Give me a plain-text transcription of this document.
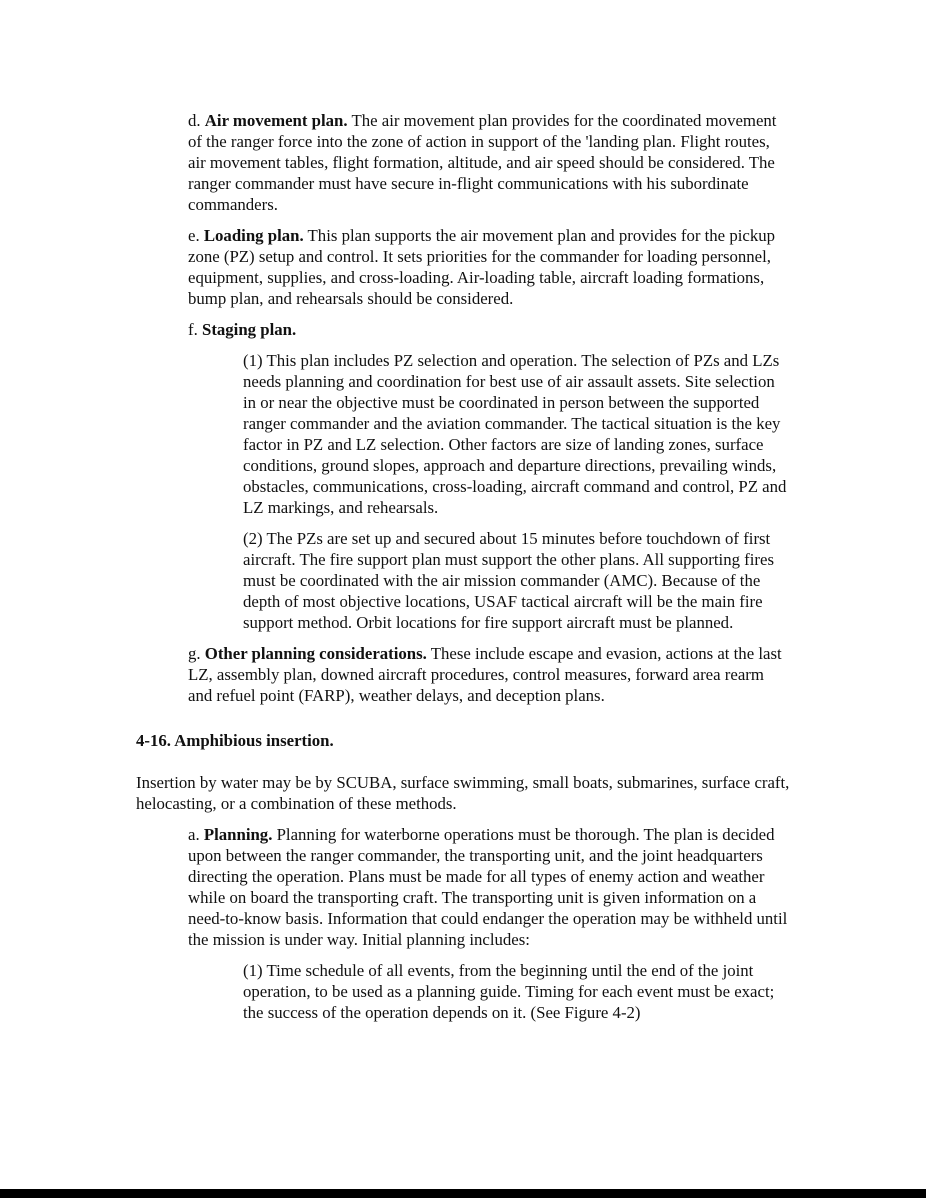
d. Air movement plan. The air movement plan provides for the coordinated movement of the ranger force into the zone of action in support of the 'landing plan. Flight routes, air movement tables, flight formation, altitude, and air speed should be considered. The ranger commander must have secure in-flight communications with his subordinate commanders.

e. Loading plan. This plan supports the air movement plan and provides for the pickup zone (PZ) setup and control. It sets priorities for the commander for loading personnel, equipment, supplies, and cross-loading. Air-loading table, aircraft loading formations, bump plan, and rehearsals should be considered.

f. Staging plan.

(1) This plan includes PZ selection and operation. The selection of PZs and LZs needs planning and coordination for best use of air assault assets. Site selection in or near the objective must be coordinated in person between the supported ranger commander and the aviation commander. The tactical situation is the key factor in PZ and LZ selection. Other factors are size of landing zones, surface conditions, ground slopes, approach and departure directions, prevailing winds, obstacles, communications, cross-loading, aircraft command and control, PZ and LZ markings, and rehearsals.

(2) The PZs are set up and secured about 15 minutes before touchdown of first aircraft. The fire support plan must support the other plans. All supporting fires must be coordinated with the air mission commander (AMC). Because of the depth of most objective locations, USAF tactical aircraft will be the main fire support method. Orbit locations for fire support aircraft must be planned.

g. Other planning considerations. These include escape and evasion, actions at the last LZ, assembly plan, downed aircraft procedures, control measures, forward area rearm and refuel point (FARP), weather delays, and deception plans.

4-16. Amphibious insertion.

Insertion by water may be by SCUBA, surface swimming, small boats, submarines, surface craft, helocasting, or a combination of these methods.

a. Planning. Planning for waterborne operations must be thorough. The plan is decided upon between the ranger commander, the transporting unit, and the joint headquarters directing the operation. Plans must be made for all types of enemy action and weather while on board the transporting craft. The transporting unit is given information on a need-to-know basis. Information that could endanger the operation may be withheld until the mission is under way. Initial planning includes:

(1) Time schedule of all events, from the beginning until the end of the joint operation, to be used as a planning guide. Timing for each event must be exact; the success of the operation depends on it. (See Figure 4-2)
